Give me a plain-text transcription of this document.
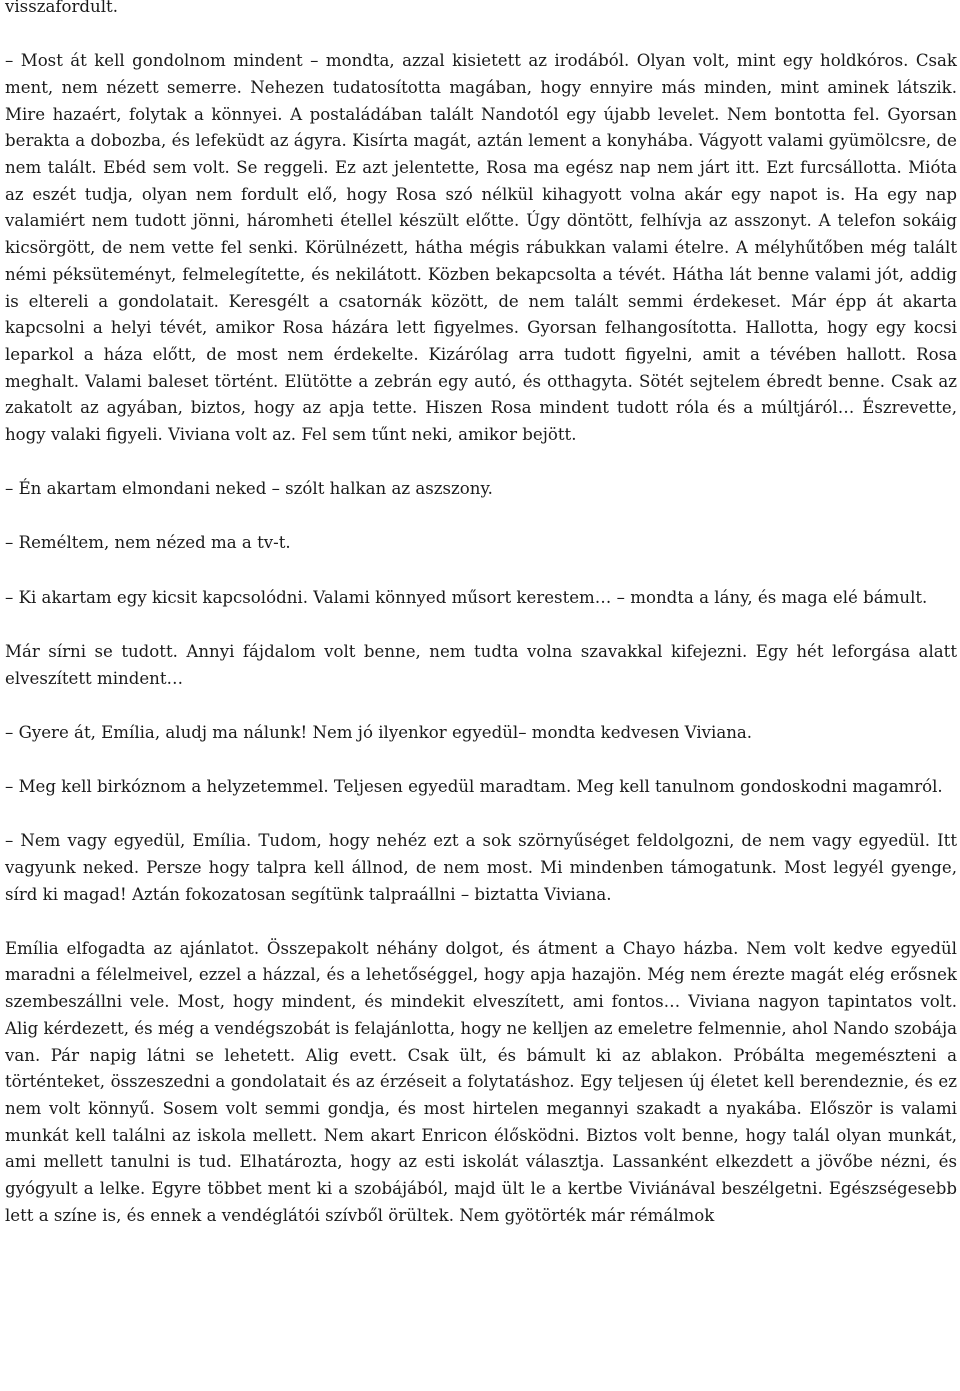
visszafordult.

– Most át kell gondolnom mindent – mondta, azzal kisietett az irodából. Olyan volt, mint egy holdkóros. Csak ment, nem nézett semerre. Nehezen tudatosította magában, hogy ennyire más minden, mint aminek látszik. Mire hazaért, folytak a könnyei. A postaládában talált Nandotól egy újabb levelet. Nem bontotta fel. Gyorsan berakta a dobozba, és lefeküdt az ágyra. Kisírta magát, aztán lement a konyhába. Vágyott valami gyümölcsre, de nem talált. Ebéd sem volt. Se reggeli. Ez azt jelentette, Rosa ma egész nap nem járt itt. Ezt furcsállotta. Mióta az eszét tudja, olyan nem fordult elő, hogy Rosa szó nélkül kihagyott volna akár egy napot is. Ha egy nap valamiért nem tudott jönni, háromheti étellel készült előtte. Úgy döntött, felhívja az asszonyt. A telefon sokáig kicsörgött, de nem vette fel senki. Körülnézett, hátha mégis rábukkan valami ételre. A mélyhűtőben még talált némi péksüteményt, felmelegítette, és nekilátott. Közben bekapcsolta a tévét. Hátha lát benne valami jót, addig is eltereli a gondolatait. Keresgélt a csatornák között, de nem talált semmi érdekeset. Már épp át akarta kapcsolni a helyi tévét, amikor Rosa házára lett figyelmes. Gyorsan felhangosította. Hallotta, hogy egy kocsi leparkol a háza előtt, de most nem érdekelte. Kizárólag arra tudott figyelni, amit a tévében hallott. Rosa meghalt. Valami baleset történt. Elütötte a zebrán egy autó, és otthagyta. Sötét sejtelem ébredt benne. Csak az zakatolt az agyában, biztos, hogy az apja tette. Hiszen Rosa mindent tudott róla és a múltjáról… Észrevette, hogy valaki figyeli. Viviana volt az. Fel sem tűnt neki, amikor bejött.

– Én akartam elmondani neked – szólt halkan az aszszony.

– Reméltem, nem nézed ma a tv-t.

– Ki akartam egy kicsit kapcsolódni. Valami könnyed műsort kerestem… – mondta a lány, és maga elé bámult.

Már sírni se tudott. Annyi fájdalom volt benne, nem tudta volna szavakkal kifejezni. Egy hét leforgása alatt elveszített mindent…

– Gyere át, Emília, aludj ma nálunk! Nem jó ilyenkor egyedül– mondta kedvesen Viviana.

– Meg kell birkóznom a helyzetemmel. Teljesen egyedül maradtam. Meg kell tanulnom gondoskodni magamról.

– Nem vagy egyedül, Emília. Tudom, hogy nehéz ezt a sok szörnyűséget feldolgozni, de nem vagy egyedül. Itt vagyunk neked. Persze hogy talpra kell állnod, de nem most. Mi mindenben támogatunk. Most legyél gyenge, sírd ki magad! Aztán fokozatosan segítünk talpraállni – biztatta Viviana.

Emília elfogadta az ajánlatot. Összepakolt néhány dolgot, és átment a Chayo házba. Nem volt kedve egyedül maradni a félelmeivel, ezzel a házzal, és a lehetőséggel, hogy apja hazajön. Még nem érezte magát elég erősnek szembeszállni vele. Most, hogy mindent, és mindekit elveszített, ami fontos… Viviana nagyon tapintatos volt. Alig kérdezett, és még a vendégszobát is felajánlotta, hogy ne kelljen az emeletre felmennie, ahol Nando szobája van. Pár napig látni se lehetett. Alig evett. Csak ült, és bámult ki az ablakon. Próbálta megemészteni a történteket, összeszedni a gondolatait és az érzéseit a folytatáshoz. Egy teljesen új életet kell berendeznie, és ez nem volt könnyű. Sosem volt semmi gondja, és most hirtelen megannyi szakadt a nyakába. Először is valami munkát kell találni az iskola mellett. Nem akart Enricon élősködni. Biztos volt benne, hogy talál olyan munkát, ami mellett tanulni is tud. Elhatározta, hogy az esti iskolát választja. Lassanként elkezdett a jövőbe nézni, és gyógyult a lelke. Egyre többet ment ki a szobájából, majd ült le a kertbe Viviánával beszélgetni. Egészségesebb lett a színe is, és ennek a vendéglátói szívből örültek. Nem gyötörték már rémálmok
